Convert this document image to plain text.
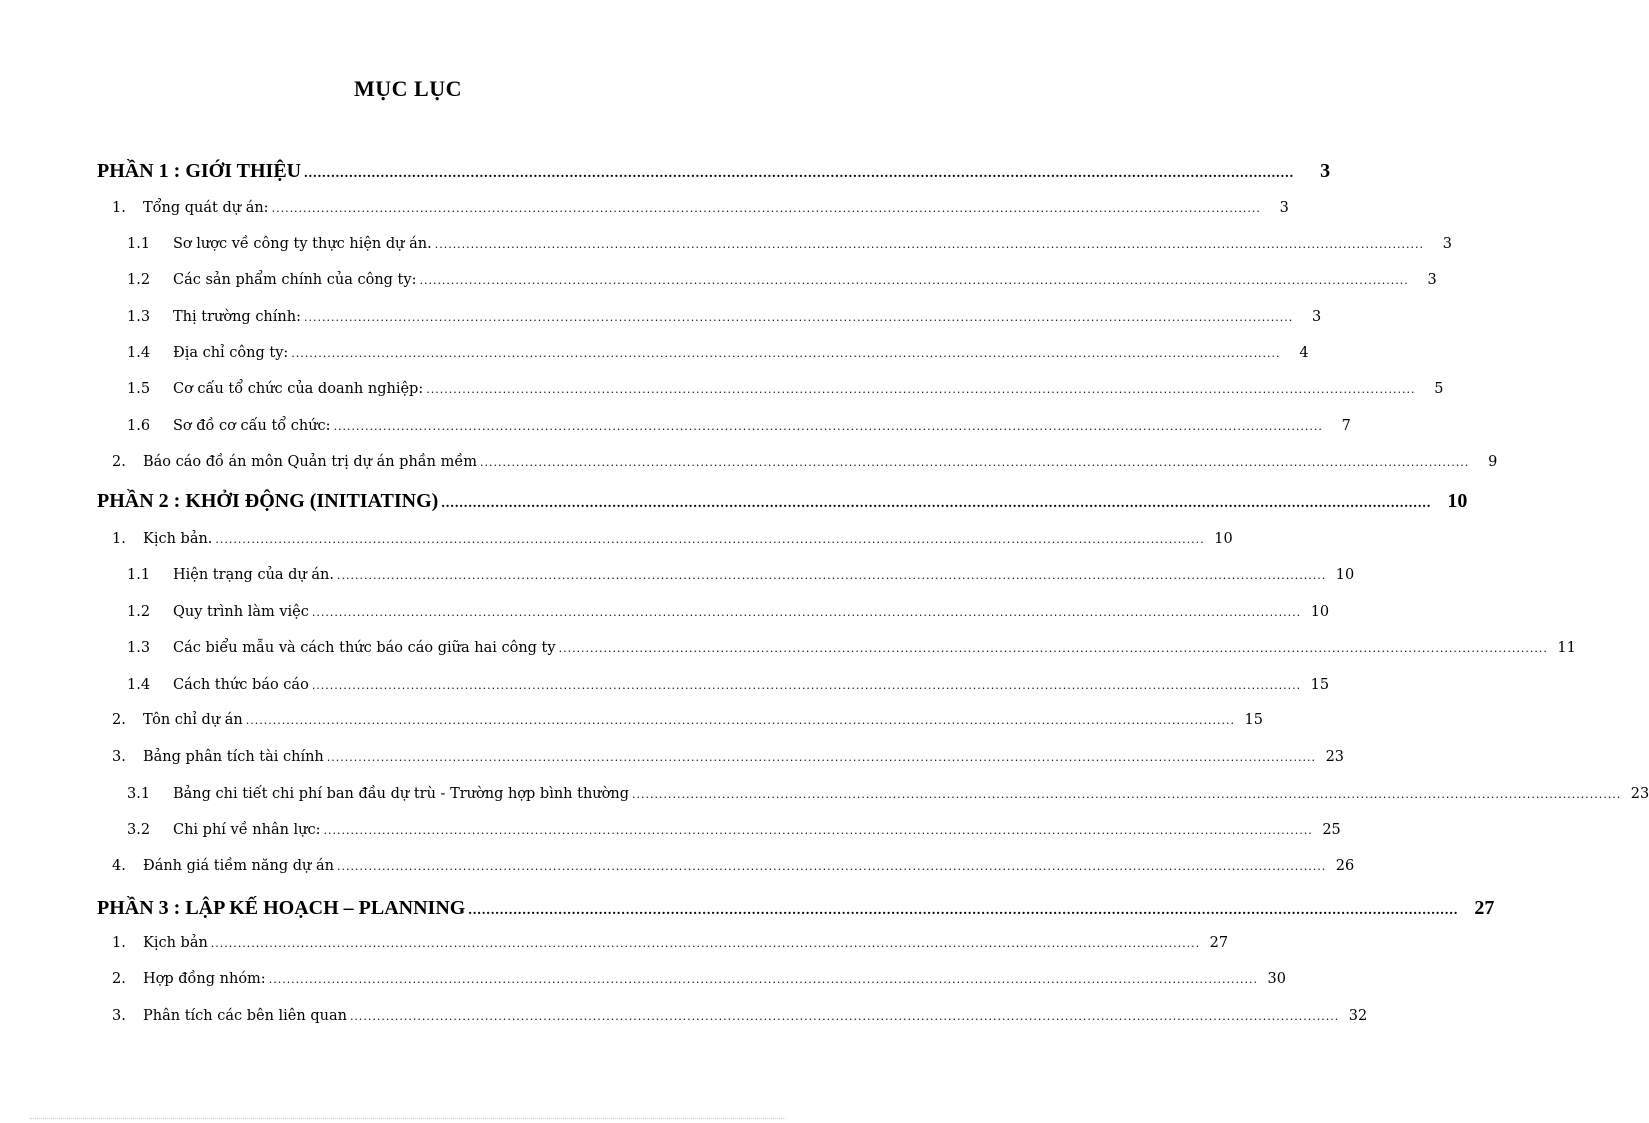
MỤC LỤC
PHẦN 1 : GIỚI THIỆU ............................................................................................................................................................................................................................	3
1.	Tổng quát dự án: ............................................................................................................................................................................................................................	3
1.1	Sơ lược về công ty thực hiện dự án. ............................................................................................................................................................................................................................	3
1.2	Các sản phẩm chính của công ty: ............................................................................................................................................................................................................................	3
1.3	Thị trường chính: ............................................................................................................................................................................................................................	3
1.4	Địa chỉ công ty: ............................................................................................................................................................................................................................	4
1.5	Cơ cấu tổ chức của doanh nghiệp: ............................................................................................................................................................................................................................	5
1.6	Sơ đồ cơ cấu tổ chức: ............................................................................................................................................................................................................................	7
2.	Báo cáo đồ án môn Quản trị dự án phần mềm ............................................................................................................................................................................................................................	9
PHẦN 2 : KHỞI ĐỘNG (INITIATING) ............................................................................................................................................................................................................................ 10
1.	Kịch bản. ............................................................................................................................................................................................................................ 10
1.1	Hiện trạng của dự án. ............................................................................................................................................................................................................................ 10
1.2	Quy trình làm việc ............................................................................................................................................................................................................................ 10
1.3	Các biểu mẫu và cách thức báo cáo giữa hai công ty ............................................................................................................................................................................................................................ 11
1.4	Cách thức báo cáo ............................................................................................................................................................................................................................ 15
2.	Tôn chỉ dự án ............................................................................................................................................................................................................................ 15
3.	Bảng phân tích tài chính ............................................................................................................................................................................................................................ 23
3.1	Bảng chi tiết chi phí ban đầu dự trù - Trường hợp bình thường ............................................................................................................................................................................................................................ 23
3.2	Chi phí về nhân lực: ............................................................................................................................................................................................................................ 25
4.	Đánh giá tiềm năng dự án ............................................................................................................................................................................................................................ 26
PHẦN 3 : LẬP KẾ HOẠCH – PLANNING ............................................................................................................................................................................................................................ 27
1.	Kịch bản ............................................................................................................................................................................................................................ 27
2.	Hợp đồng nhóm: ............................................................................................................................................................................................................................ 30
3.	Phân tích các bên liên quan ............................................................................................................................................................................................................................ 32
